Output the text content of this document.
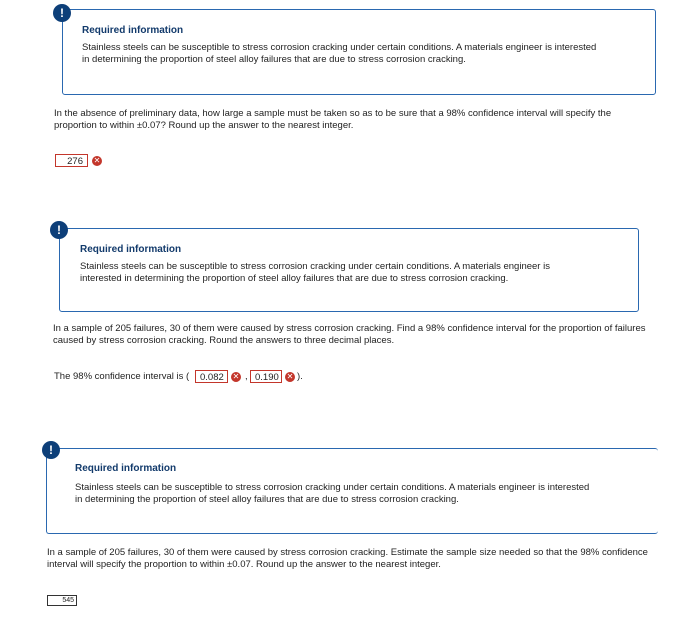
!
Required information
Stainless steels can be susceptible to stress corrosion cracking under certain conditions. A materials engineer is interested in determining the proportion of steel alloy failures that are due to stress corrosion cracking.
In the absence of preliminary data, how large a sample must be taken so as to be sure that a 98% confidence interval will specify the proportion to within ±0.07? Round up the answer to the nearest integer.
276	✕
!
Required information
Stainless steels can be susceptible to stress corrosion cracking under certain conditions. A materials engineer is interested in determining the proportion of steel alloy failures that are due to stress corrosion cracking.
In a sample of 205 failures, 30 of them were caused by stress corrosion cracking. Find a 98% confidence interval for the proportion of failures caused by stress corrosion cracking. Round the answers to three decimal places.
The 98% confidence interval is (	0.082	✕ , 0.190 ✕ ).
!
Required information
Stainless steels can be susceptible to stress corrosion cracking under certain conditions. A materials engineer is interested in determining the proportion of steel alloy failures that are due to stress corrosion cracking.
In a sample of 205 failures, 30 of them were caused by stress corrosion cracking. Estimate the sample size needed so that the 98% confidence interval will specify the proportion to within ±0.07. Round up the answer to the nearest integer.
545
